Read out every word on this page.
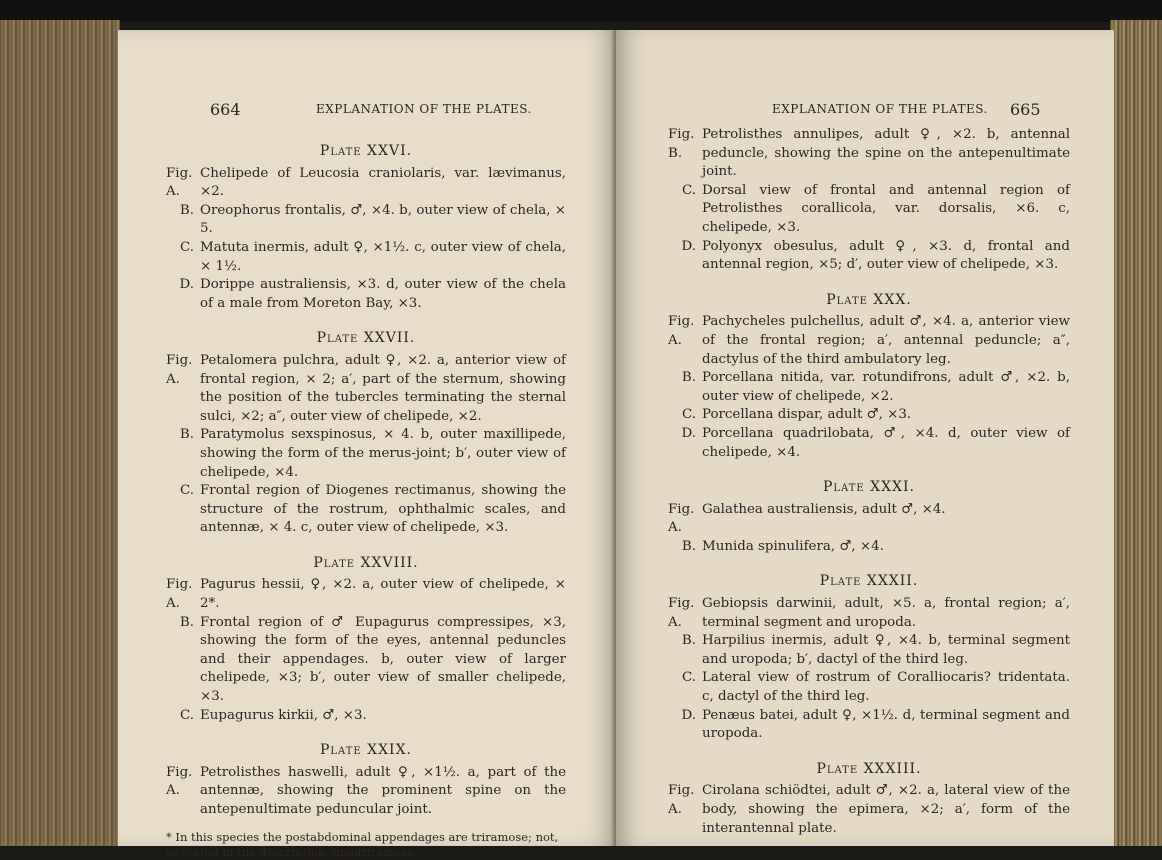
664	EXPLANATION OF THE PLATES.
Plate XXVI.
Fig. A.
Chelipede of Leucosia craniolaris, var. lævimanus, ×2.
B. Oreophorus frontalis, ♂, ×4. b, outer view of chela, × 5.
C. Matuta inermis, adult ♀, ×1½. c, outer view of chela, × 1½.
D. Dorippe australiensis, ×3. d, outer view of the chela of a male from Moreton Bay, ×3.
Plate XXVII.
Fig. A.
Petalomera pulchra, adult ♀, ×2. a, anterior view of frontal region, × 2; a′, part of the sternum, showing the position of the tubercles terminating the sternal sulci, ×2; a″, outer view of chelipede, ×2.
B. Paratymolus sexspinosus, × 4. b, outer maxillipede, showing the form of the merus-joint; b′, outer view of chelipede, ×4.
C. Frontal region of Diogenes rectimanus, showing the structure of the rostrum, ophthalmic scales, and antennæ, × 4. c, outer view of chelipede, ×3.
Plate XXVIII.
Fig. A.
Pagurus hessii, ♀, ×2. a, outer view of chelipede, × 2*.
B. Frontal region of ♂ Eupagurus compressipes, ×3, showing the form of the eyes, antennal peduncles and their appendages. b, outer view of larger chelipede, ×3; b′, outer view of smaller chelipede, ×3.
C. Eupagurus kirkii, ♂, ×3.
Plate XXIX.
Fig. A.
Petrolisthes haswelli, adult ♀, ×1½. a, part of the antennæ, showing the prominent spine on the antepenultimate peduncular joint.
* In this species the postabdominal appendages are triramose; not, as stated in the description, quadriramose.
EXPLANATION OF THE PLATES. 665
Fig. B.
Petrolisthes annulipes, adult ♀, ×2. b, antennal peduncle, showing the spine on the antepenultimate joint.
C. Dorsal view of frontal and antennal region of Petrolisthes corallicola, var. dorsalis, ×6. c, chelipede, ×3.
D. Polyonyx obesulus, adult ♀, ×3. d, frontal and antennal region, ×5; d′, outer view of chelipede, ×3.
Plate XXX.
Fig. A.
Pachycheles pulchellus, adult ♂, ×4. a, anterior view of the frontal region; a′, antennal peduncle; a″, dactylus of the third ambulatory leg.
B. Porcellana nitida, var. rotundifrons, adult ♂, ×2. b, outer view of chelipede, ×2.
C. Porcellana dispar, adult ♂, ×3.
D. Porcellana quadrilobata, ♂, ×4. d, outer view of chelipede, ×4.
Plate XXXI.
Fig. A.
Galathea australiensis, adult ♂, ×4.
B. Munida spinulifera, ♂, ×4.
Plate XXXII.
Fig. A.
Gebiopsis darwinii, adult, ×5. a, frontal region; a′, terminal segment and uropoda.
B. Harpilius inermis, adult ♀, ×4. b, terminal segment and uropoda; b′, dactyl of the third leg.
C. Lateral view of rostrum of Coralliocaris? tridentata. c, dactyl of the third leg.
D. Penæus batei, adult ♀, ×1½. d, terminal segment and uropoda.
Plate XXXIII.
Fig. A.
Cirolana schiödtei, adult ♂, ×2. a, lateral view of the body, showing the epimera, ×2; a′, form of the interantennal plate.
